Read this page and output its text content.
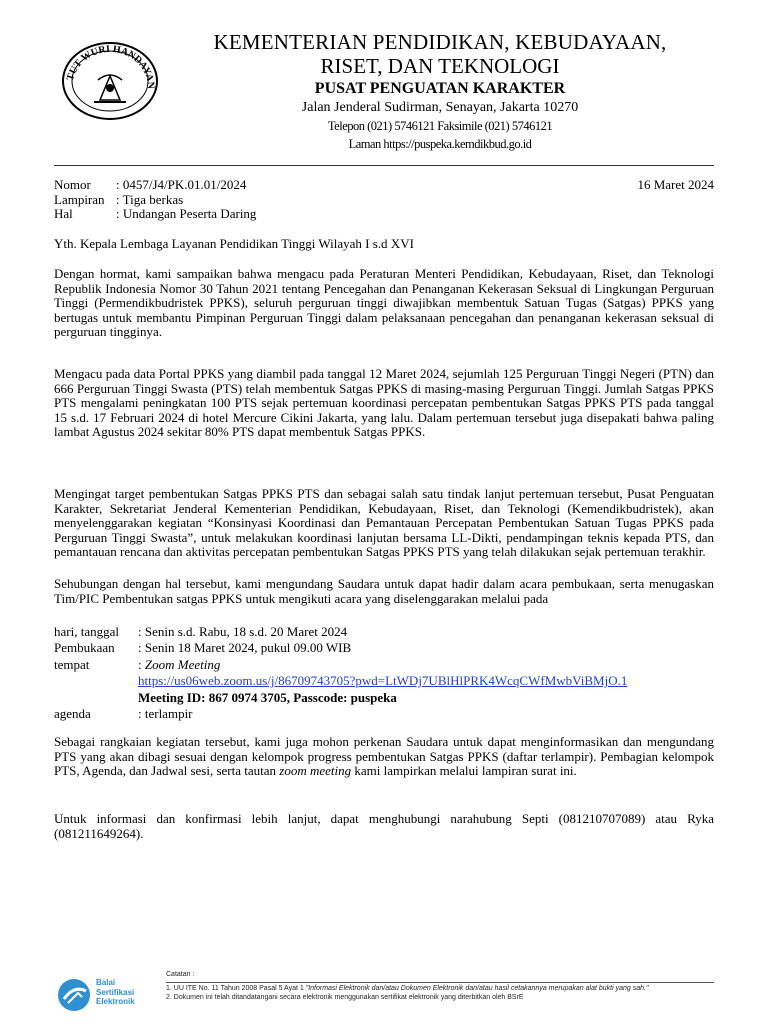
TUT WURI HANDAYAN
KEMENTERIAN PENDIDIKAN, KEBUDAYAAN,
RISET, DAN TEKNOLOGI
PUSAT PENGUATAN KARAKTER
Jalan Jenderal Sudirman, Senayan, Jakarta 10270
Telepon (021) 5746121 Faksimile (021) 5746121
Laman https://puspeka.kemdikbud.go.id
Nomor	: 0457/J4/PK.01.01/2024
Lampiran : Tiga berkas
Hal	: Undangan Peserta Daring
16 Maret 2024

Yth. Kepala Lembaga Layanan Pendidikan Tinggi Wilayah I s.d XVI

Dengan hormat, kami sampaikan bahwa mengacu pada Peraturan Menteri Pendidikan, Kebudayaan, Riset, dan Teknologi Republik Indonesia Nomor 30 Tahun 2021 tentang Pencegahan dan Penanganan Kekerasan Seksual di Lingkungan Perguruan Tinggi (Permendikbudristek PPKS), seluruh perguruan tinggi diwajibkan membentuk Satuan Tugas (Satgas) PPKS yang bertugas untuk membantu Pimpinan Perguruan Tinggi dalam pelaksanaan pencegahan dan penanganan kekerasan seksual di perguruan tingginya.

Mengacu pada data Portal PPKS yang diambil pada tanggal 12 Maret 2024, sejumlah 125 Perguruan Tinggi Negeri (PTN) dan 666 Perguruan Tinggi Swasta (PTS) telah membentuk Satgas PPKS di masing-masing Perguruan Tinggi. Jumlah Satgas PPKS PTS mengalami peningkatan 100 PTS sejak pertemuan koordinasi percepatan pembentukan Satgas PPKS PTS pada tanggal 15 s.d. 17 Februari 2024 di hotel Mercure Cikini Jakarta, yang lalu. Dalam pertemuan tersebut juga disepakati bahwa paling lambat Agustus 2024 sekitar 80% PTS dapat membentuk Satgas PPKS.

Mengingat target pembentukan Satgas PPKS PTS dan sebagai salah satu tindak lanjut pertemuan tersebut, Pusat Penguatan Karakter, Sekretariat Jenderal Kementerian Pendidikan, Kebudayaan, Riset, dan Teknologi (Kemendikbudristek), akan menyelenggarakan kegiatan “Konsinyasi Koordinasi dan Pemantauan Percepatan Pembentukan Satuan Tugas PPKS pada Perguruan Tinggi Swasta”, untuk melakukan koordinasi lanjutan bersama LL-Dikti, pendampingan teknis kepada PTS, dan pemantauan rencana dan aktivitas percepatan pembentukan Satgas PPKS PTS yang telah dilakukan sejak pertemuan terakhir.

Sehubungan dengan hal tersebut, kami mengundang Saudara untuk dapat hadir dalam acara pembukaan, serta menugaskan Tim/PIC Pembentukan satgas PPKS untuk mengikuti acara yang diselenggarakan melalui pada

hari, tanggal	: Senin s.d. Rabu, 18 s.d. 20 Maret 2024
Pembukaan	: Senin 18 Maret 2024, pukul 09.00 WIB
tempat	: Zoom Meeting
https://us06web.zoom.us/j/86709743705?pwd=LtWDj7UBlHlPRK4WcqCWfMwbViBMjO.1
Meeting ID: 867 0974 3705, Passcode: puspeka
agenda	: terlampir

Sebagai rangkaian kegiatan tersebut, kami juga mohon perkenan Saudara untuk dapat menginformasikan dan mengundang PTS yang akan dibagi sesuai dengan kelompok progress pembentukan Satgas PPKS (daftar terlampir). Pembagian kelompok PTS, Agenda, dan Jadwal sesi, serta tautan zoom meeting kami lampirkan melalui lampiran surat ini.

Untuk informasi dan konfirmasi lebih lanjut, dapat menghubungi narahubung Septi (081210707089) atau Ryka (081211649264).

Balai
Sertifikasi
Elektronik
Catatan :
1. UU ITE No. 11 Tahun 2008 Pasal 5 Ayat 1 "Informasi Elektronik dan/atau Dokumen Elektronik dan/atau hasil cetakannya merupakan alat bukti yang sah."
2. Dokumen ini telah ditandatangani secara elektronik menggunakan sertifikat elektronik yang diterbitkan oleh BSrE
